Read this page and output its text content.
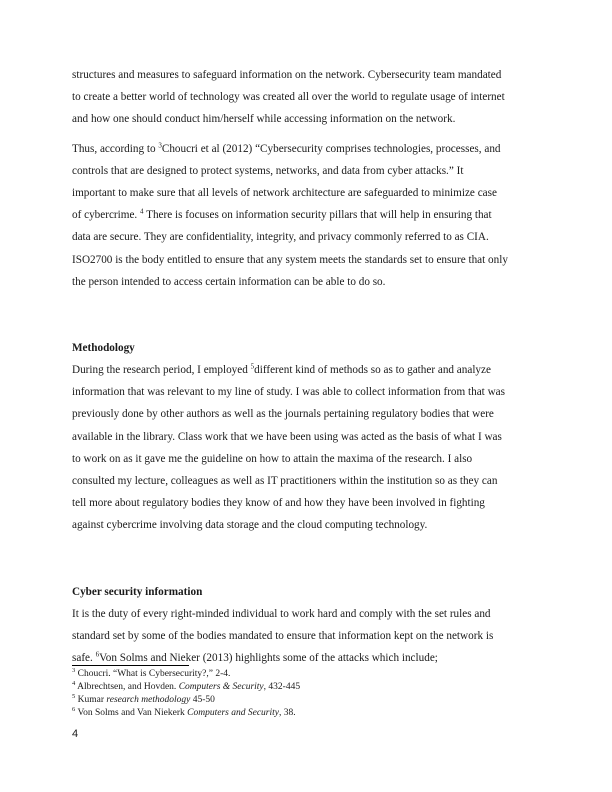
structures and measures to safeguard information on the network. Cybersecurity team mandated
to create a better world of technology was created all over the world to regulate usage of internet
and how one should conduct him/herself while accessing information on the network.
Thus, according to $^3$Choucri et al (2012) “Cybersecurity comprises technologies, processes, and
controls that are designed to protect systems, networks, and data from cyber attacks.” It
important to make sure that all levels of network architecture are safeguarded to minimize case
of cybercrime. $^4$ There is focuses on information security pillars that will help in ensuring that
data are secure. They are confidentiality, integrity, and privacy commonly referred to as CIA.
ISO2700 is the body entitled to ensure that any system meets the standards set to ensure that only
the person intended to access certain information can be able to do so.
Methodology
During the research period, I employed $^5$different kind of methods so as to gather and analyze
information that was relevant to my line of study. I was able to collect information from that was
previously done by other authors as well as the journals pertaining regulatory bodies that were
available in the library. Class work that we have been using was acted as the basis of what I was
to work on as it gave me the guideline on how to attain the maxima of the research. I also
consulted my lecture, colleagues as well as IT practitioners within the institution so as they can
tell more about regulatory bodies they know of and how they have been involved in fighting
against cybercrime involving data storage and the cloud computing technology.
Cyber security information
It is the duty of every right-minded individual to work hard and comply with the set rules and
standard set by some of the bodies mandated to ensure that information kept on the network is
safe. $^6$Von Solms and Nieker (2013) highlights some of the attacks which include;

$^3$ Choucri. “What is Cybersecurity?,” 2-4.

$^4$ Albrechtsen, and Hovden. Computers & Security, 432-445

$^5$ Kumar research methodology 45-50

$^6$ Von Solms and Van Niekerk Computers and Security, 38.

4
